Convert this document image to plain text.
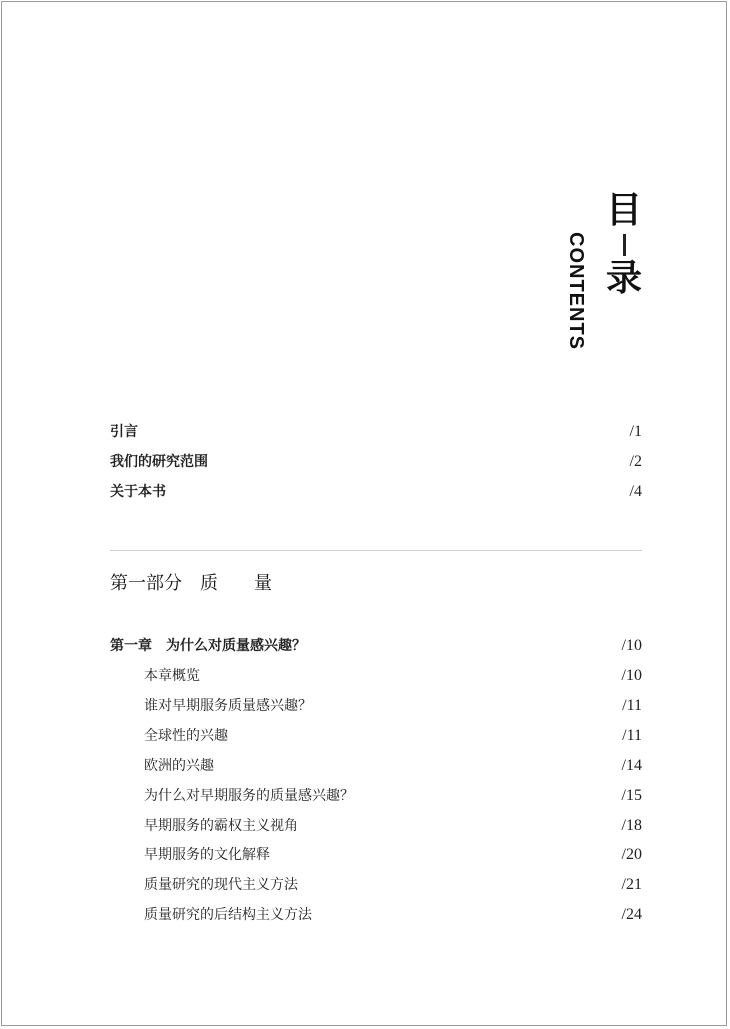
目
录
CONTENTS
引言	/1
我们的研究范围	/2
关于本书	/4
第一部分　质　　量
第一章　为什么对质量感兴趣？	/10
本章概览	/10
谁对早期服务质量感兴趣？	/11
全球性的兴趣	/11
欧洲的兴趣	/14
为什么对早期服务的质量感兴趣？	/15
早期服务的霸权主义视角	/18
早期服务的文化解释	/20
质量研究的现代主义方法	/21
质量研究的后结构主义方法	/24
